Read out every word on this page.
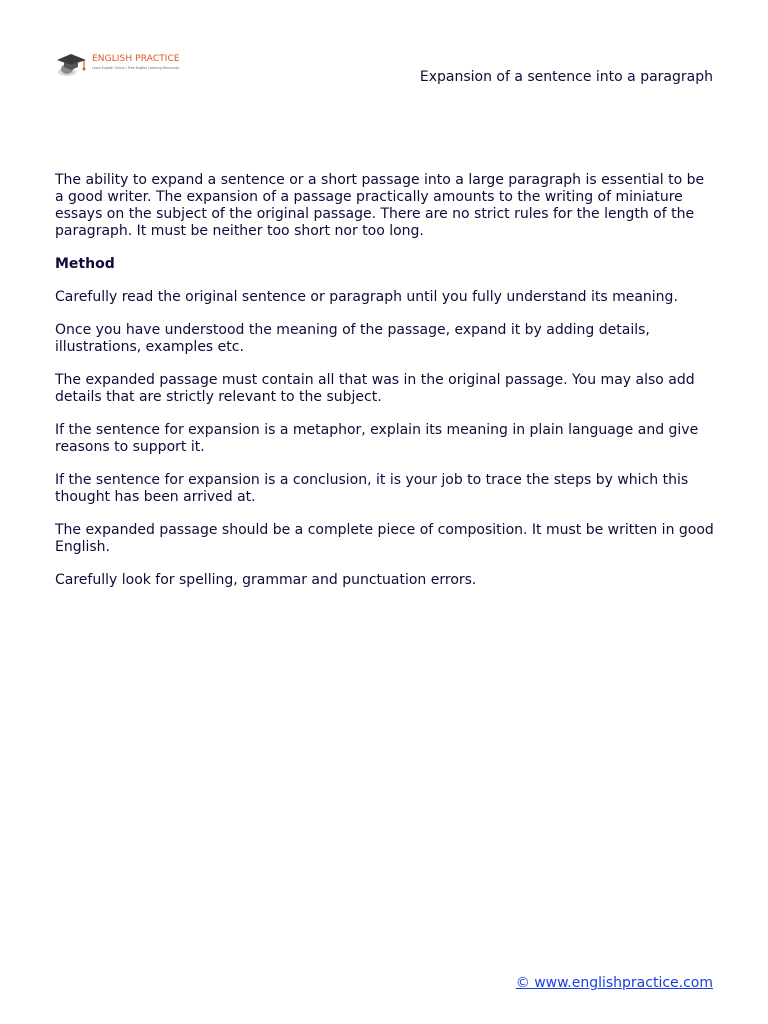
ENGLISH PRACTICE
Learn English Online / Free English Learning Resources
Expansion of a sentence into a paragraph

The ability to expand a sentence or a short passage into a large paragraph is essential to be a good writer. The expansion of a passage practically amounts to the writing of miniature essays on the subject of the original passage. There are no strict rules for the length of the paragraph. It must be neither too short nor too long.

Method

Carefully read the original sentence or paragraph until you fully understand its meaning.

Once you have understood the meaning of the passage, expand it by adding details, illustrations, examples etc.

The expanded passage must contain all that was in the original passage. You may also add details that are strictly relevant to the subject.

If the sentence for expansion is a metaphor, explain its meaning in plain language and give reasons to support it.

If the sentence for expansion is a conclusion, it is your job to trace the steps by which this thought has been arrived at.

The expanded passage should be a complete piece of composition. It must be written in good English.

Carefully look for spelling, grammar and punctuation errors.

© www.englishpractice.com
